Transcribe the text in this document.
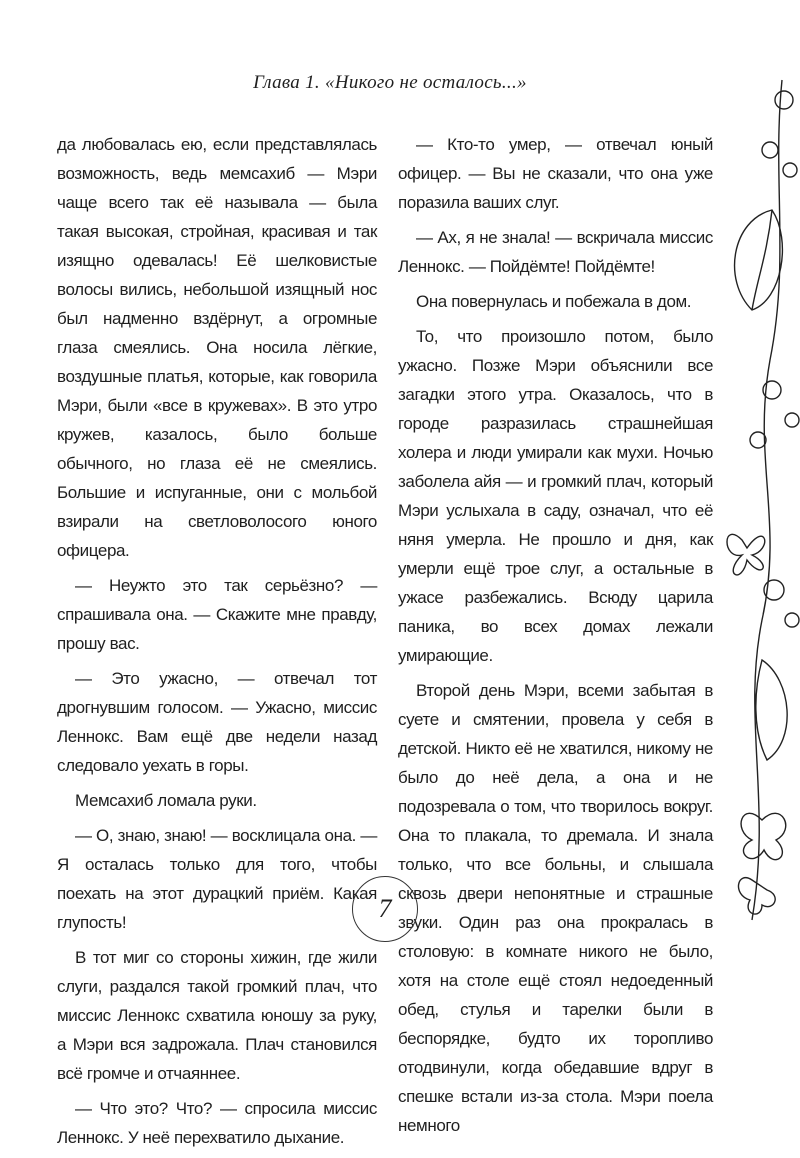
Глава 1. «Никого не осталось...»

да любовалась ею, если представлялась возможность, ведь мемсахиб — Мэри чаще всего так её называла — была такая высокая, стройная, красивая и так изящно одевалась! Её шелковистые волосы вились, небольшой изящный нос был надменно вздёрнут, а огромные глаза смеялись. Она носила лёгкие, воздушные платья, которые, как говорила Мэри, были «все в кружевах». В это утро кружев, казалось, было больше обычного, но глаза её не смеялись. Большие и испуганные, они с мольбой взирали на светловолосого юного офицера.

— Неужто это так серьёзно? — спрашивала она. — Скажите мне правду, прошу вас.

— Это ужасно, — отвечал тот дрогнувшим голосом. — Ужасно, миссис Леннокс. Вам ещё две недели назад следовало уехать в горы.

Мемсахиб ломала руки.

— О, знаю, знаю! — восклицала она. — Я осталась только для того, чтобы поехать на этот дурацкий приём. Какая глупость!

В тот миг со стороны хижин, где жили слуги, раздался такой громкий плач, что миссис Леннокс схватила юношу за руку, а Мэри вся задрожала. Плач становился всё громче и отчаяннее.

— Что это? Что? — спросила миссис Леннокс. У неё перехватило дыхание.

— Кто-то умер, — отвечал юный офицер. — Вы не сказали, что она уже поразила ваших слуг.

— Ах, я не знала! — вскричала миссис Леннокс. — Пойдёмте! Пойдёмте!

Она повернулась и побежала в дом.

То, что произошло потом, было ужасно. Позже Мэри объяснили все загадки этого утра. Оказалось, что в городе разразилась страшнейшая холера и люди умирали как мухи. Ночью заболела айя — и громкий плач, который Мэри услыхала в саду, означал, что её няня умерла. Не прошло и дня, как умерли ещё трое слуг, а остальные в ужасе разбежались. Всюду царила паника, во всех домах лежали умирающие.

Второй день Мэри, всеми забытая в суете и смятении, провела у себя в детской. Никто её не хватился, никому не было до неё дела, а она и не подозревала о том, что творилось вокруг. Она то плакала, то дремала. И знала только, что все больны, и слышала сквозь двери непонятные и страшные звуки. Один раз она прокралась в столовую: в комнате никого не было, хотя на столе ещё стоял недоеденный обед, стулья и тарелки были в беспорядке, будто их торопливо отодвинули, когда обедавшие вдруг в спешке встали из-за стола. Мэри поела немного

7
